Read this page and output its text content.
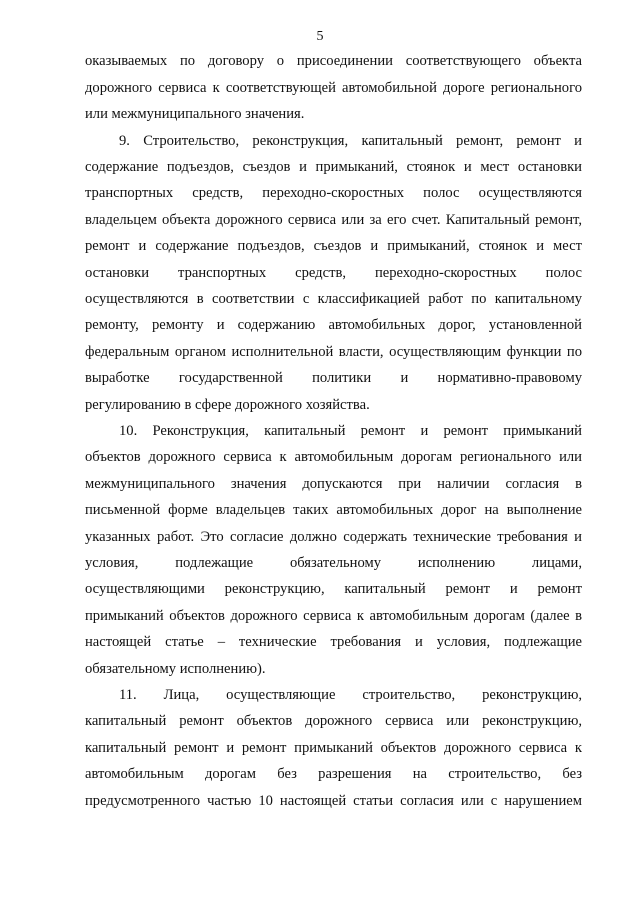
5
оказываемых по договору о присоединении соответствующего объекта
дорожного сервиса к соответствующей автомобильной дороге регионального
или межмуниципального значения.
9. Строительство, реконструкция, капитальный ремонт, ремонт и
содержание подъездов, съездов и примыканий, стоянок и мест остановки
транспортных средств, переходно-скоростных полос осуществляются
владельцем объекта дорожного сервиса или за его счет. Капитальный ремонт,
ремонт и содержание подъездов, съездов и примыканий, стоянок и мест
остановки транспортных средств, переходно-скоростных полос
осуществляются в соответствии с классификацией работ по капитальному
ремонту, ремонту и содержанию автомобильных дорог, установленной
федеральным органом исполнительной власти, осуществляющим функции по
выработке государственной политики и нормативно-правовому
регулированию в сфере дорожного хозяйства.
10. Реконструкция, капитальный ремонт и ремонт примыканий
объектов дорожного сервиса к автомобильным дорогам регионального или
межмуниципального значения допускаются при наличии согласия в
письменной форме владельцев таких автомобильных дорог на выполнение
указанных работ. Это согласие должно содержать технические требования и
условия, подлежащие обязательному исполнению лицами,
осуществляющими реконструкцию, капитальный ремонт и ремонт
примыканий объектов дорожного сервиса к автомобильным дорогам (далее в
настоящей статье – технические требования и условия, подлежащие
обязательному исполнению).
11. Лица, осуществляющие строительство, реконструкцию,
капитальный ремонт объектов дорожного сервиса или реконструкцию,
капитальный ремонт и ремонт примыканий объектов дорожного сервиса к
автомобильным дорогам без разрешения на строительство, без
предусмотренного частью 10 настоящей статьи согласия или с нарушением
